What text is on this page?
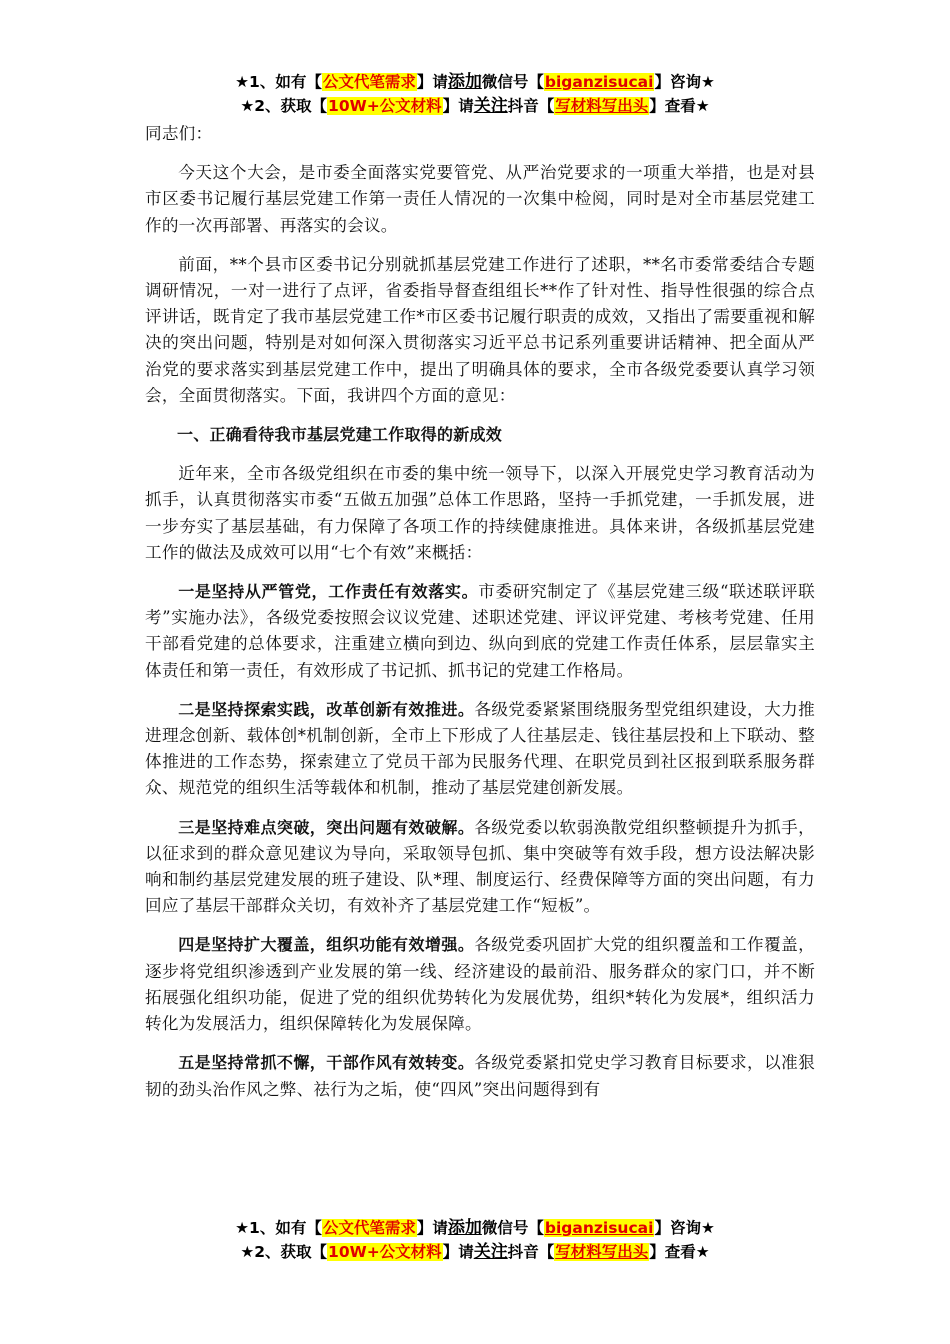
★1、如有【公文代笔需求】请添加微信号【biganzisucai】咨询★
★2、获取【10W+公文材料】请关注抖音【写材料写出头】查看★

同志们：

今天这个大会，是市委全面落实党要管党、从严治党要求的一项重大举措，也是对县市区委书记履行基层党建工作第一责任人情况的一次集中检阅，同时是对全市基层党建工作的一次再部署、再落实的会议。

前面，**个县市区委书记分别就抓基层党建工作进行了述职，**名市委常委结合专题调研情况，一对一进行了点评，省委指导督查组组长**作了针对性、指导性很强的综合点评讲话，既肯定了我市基层党建工作*市区委书记履行职责的成效，又指出了需要重视和解决的突出问题，特别是对如何深入贯彻落实习近平总书记系列重要讲话精神、把全面从严治党的要求落实到基层党建工作中，提出了明确具体的要求，全市各级党委要认真学习领会，全面贯彻落实。下面，我讲四个方面的意见：

一、正确看待我市基层党建工作取得的新成效

近年来，全市各级党组织在市委的集中统一领导下，以深入开展党史学习教育活动为抓手，认真贯彻落实市委“五做五加强”总体工作思路，坚持一手抓党建，一手抓发展，进一步夯实了基层基础，有力保障了各项工作的持续健康推进。具体来讲，各级抓基层党建工作的做法及成效可以用“七个有效”来概括：

一是坚持从严管党，工作责任有效落实。市委研究制定了《基层党建三级“联述联评联考”实施办法》，各级党委按照会议议党建、述职述党建、评议评党建、考核考党建、任用干部看党建的总体要求，注重建立横向到边、纵向到底的党建工作责任体系，层层靠实主体责任和第一责任，有效形成了书记抓、抓书记的党建工作格局。

二是坚持探索实践，改革创新有效推进。各级党委紧紧围绕服务型党组织建设，大力推进理念创新、载体创*机制创新，全市上下形成了人往基层走、钱往基层投和上下联动、整体推进的工作态势，探索建立了党员干部为民服务代理、在职党员到社区报到联系服务群众、规范党的组织生活等载体和机制，推动了基层党建创新发展。

三是坚持难点突破，突出问题有效破解。各级党委以软弱涣散党组织整顿提升为抓手，以征求到的群众意见建议为导向，采取领导包抓、集中突破等有效手段，想方设法解决影响和制约基层党建发展的班子建设、队*理、制度运行、经费保障等方面的突出问题，有力回应了基层干部群众关切，有效补齐了基层党建工作“短板”。

四是坚持扩大覆盖，组织功能有效增强。各级党委巩固扩大党的组织覆盖和工作覆盖，逐步将党组织渗透到产业发展的第一线、经济建设的最前沿、服务群众的家门口，并不断拓展强化组织功能，促进了党的组织优势转化为发展优势，组织*转化为发展*，组织活力转化为发展活力，组织保障转化为发展保障。

五是坚持常抓不懈，干部作风有效转变。各级党委紧扣党史学习教育目标要求，以准狠韧的劲头治作风之弊、祛行为之垢，使“四风”突出问题得到有

★1、如有【公文代笔需求】请添加微信号【biganzisucai】咨询★
★2、获取【10W+公文材料】请关注抖音【写材料写出头】查看★
